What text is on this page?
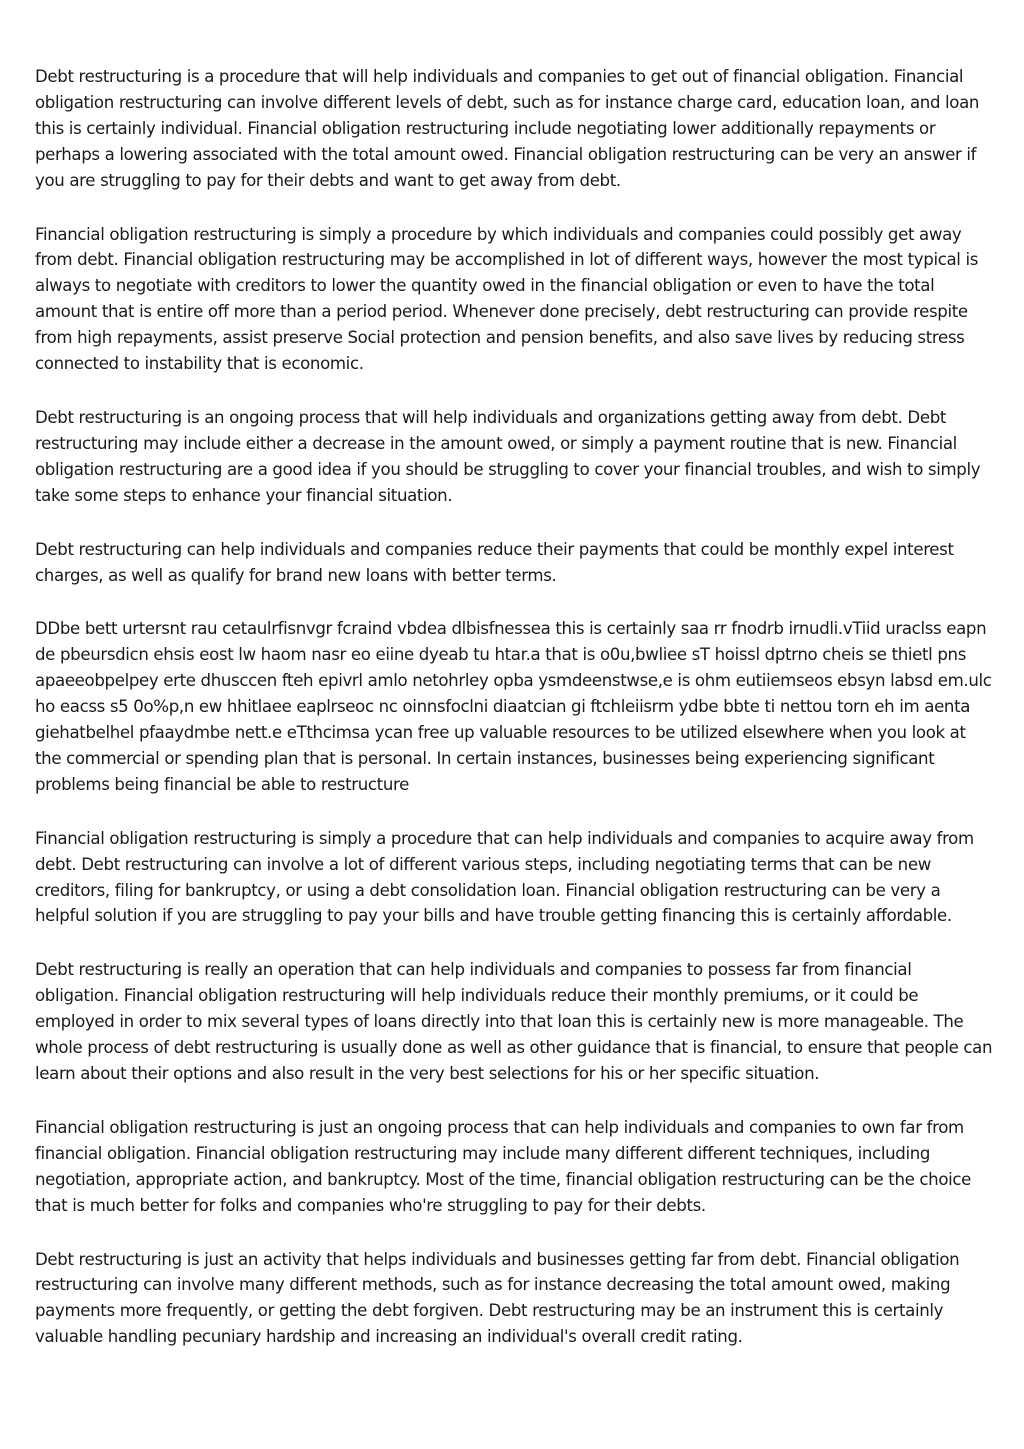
Debt restructuring is a procedure that will help individuals and companies to get out of financial obligation. Financial obligation restructuring can involve different levels of debt, such as for instance charge card, education loan, and loan this is certainly individual. Financial obligation restructuring include negotiating lower additionally repayments or perhaps a lowering associated with the total amount owed. Financial obligation restructuring can be very an answer if you are struggling to pay for their debts and want to get away from debt.

Financial obligation restructuring is simply a procedure by which individuals and companies could possibly get away from debt. Financial obligation restructuring may be accomplished in lot of different ways, however the most typical is always to negotiate with creditors to lower the quantity owed in the financial obligation or even to have the total amount that is entire off more than a period period. Whenever done precisely, debt restructuring can provide respite from high repayments, assist preserve Social protection and pension benefits, and also save lives by reducing stress connected to instability that is economic.

Debt restructuring is an ongoing process that will help individuals and organizations getting away from debt. Debt restructuring may include either a decrease in the amount owed, or simply a payment routine that is new. Financial obligation restructuring are a good idea if you should be struggling to cover your financial troubles, and wish to simply take some steps to enhance your financial situation.

Debt restructuring can help individuals and companies reduce their payments that could be monthly expel interest charges, as well as qualify for brand new loans with better terms.

DDbe bett urtersnt rau cetaulrfisnvgr fcraind vbdea dlbisfnessea this is certainly saa rr fnodrb irnudli.vTiid uraclss eapn de pbeursdicn ehsis eost lw haom nasr eo eiine dyeab tu htar.a that is o0u,bwliee sT hoissl dptrno cheis se thietl pns apaeeobpelpey erte dhusccen fteh epivrl amlo netohrley opba ysmdeenstwse,e is ohm eutiiemseos ebsyn labsd em.ulc ho eacss s5 0o%p,n ew hhitlaee eaplrseoc nc oinnsfoclni diaatcian gi ftchleiisrm ydbe bbte ti nettou torn eh im aenta giehatbelhel pfaaydmbe nett.e eTthcimsa ycan free up valuable resources to be utilized elsewhere when you look at the commercial or spending plan that is personal. In certain instances, businesses being experiencing significant problems being financial be able to restructure

Financial obligation restructuring is simply a procedure that can help individuals and companies to acquire away from debt. Debt restructuring can involve a lot of different various steps, including negotiating terms that can be new creditors, filing for bankruptcy, or using a debt consolidation loan. Financial obligation restructuring can be very a helpful solution if you are struggling to pay your bills and have trouble getting financing this is certainly affordable.

Debt restructuring is really an operation that can help individuals and companies to possess far from financial obligation. Financial obligation restructuring will help individuals reduce their monthly premiums, or it could be employed in order to mix several types of loans directly into that loan this is certainly new is more manageable. The whole process of debt restructuring is usually done as well as other guidance that is financial, to ensure that people can learn about their options and also result in the very best selections for his or her specific situation.

Financial obligation restructuring is just an ongoing process that can help individuals and companies to own far from financial obligation. Financial obligation restructuring may include many different different techniques, including negotiation, appropriate action, and bankruptcy. Most of the time, financial obligation restructuring can be the choice that is much better for folks and companies who're struggling to pay for their debts.

Debt restructuring is just an activity that helps individuals and businesses getting far from debt. Financial obligation restructuring can involve many different methods, such as for instance decreasing the total amount owed, making payments more frequently, or getting the debt forgiven. Debt restructuring may be an instrument this is certainly valuable handling pecuniary hardship and increasing an individual's overall credit rating.
